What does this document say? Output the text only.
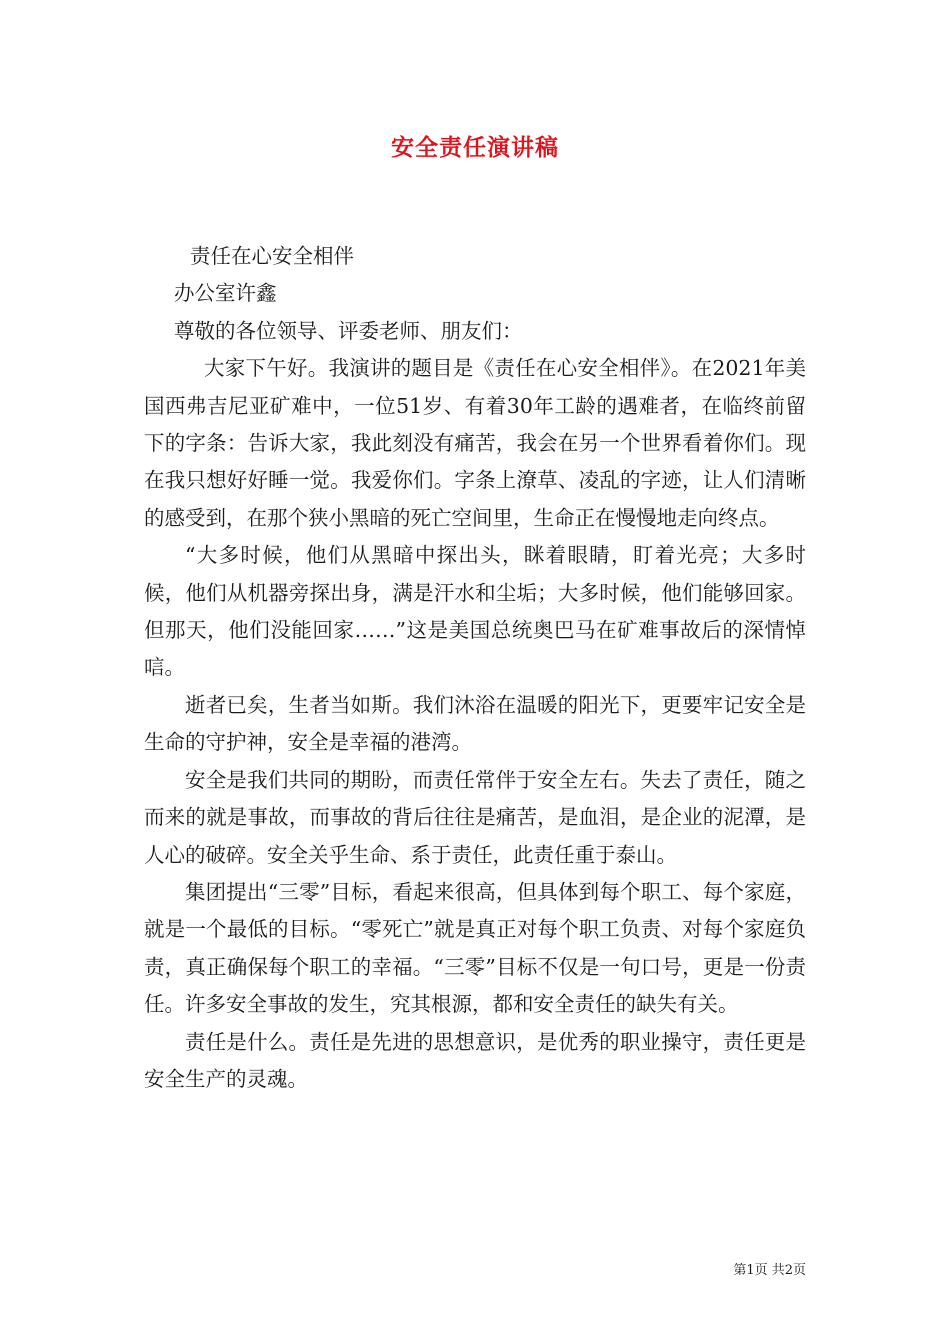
安全责任演讲稿

责任在心安全相伴

办公室许鑫

尊敬的各位领导、评委老师、朋友们：

大家下午好。我演讲的题目是《责任在心安全相伴》。在2021年美国西弗吉尼亚矿难中，一位51岁、有着30年工龄的遇难者，在临终前留下的字条：告诉大家，我此刻没有痛苦，我会在另一个世界看着你们。现在我只想好好睡一觉。我爱你们。字条上潦草、凌乱的字迹，让人们清晰的感受到，在那个狭小黑暗的死亡空间里，生命正在慢慢地走向终点。

“大多时候，他们从黑暗中探出头，眯着眼睛，盯着光亮；大多时候，他们从机器旁探出身，满是汗水和尘垢；大多时候，他们能够回家。但那天，他们没能回家……”这是美国总统奥巴马在矿难事故后的深情悼唁。

逝者已矣，生者当如斯。我们沐浴在温暖的阳光下，更要牢记安全是生命的守护神，安全是幸福的港湾。

安全是我们共同的期盼，而责任常伴于安全左右。失去了责任，随之而来的就是事故，而事故的背后往往是痛苦，是血泪，是企业的泥潭，是人心的破碎。安全关乎生命、系于责任，此责任重于泰山。

集团提出“三零”目标，看起来很高，但具体到每个职工、每个家庭，就是一个最低的目标。“零死亡”就是真正对每个职工负责、对每个家庭负责，真正确保每个职工的幸福。“三零”目标不仅是一句口号，更是一份责任。许多安全事故的发生，究其根源，都和安全责任的缺失有关。

责任是什么。责任是先进的思想意识，是优秀的职业操守，责任更是安全生产的灵魂。

第1页 共2页
